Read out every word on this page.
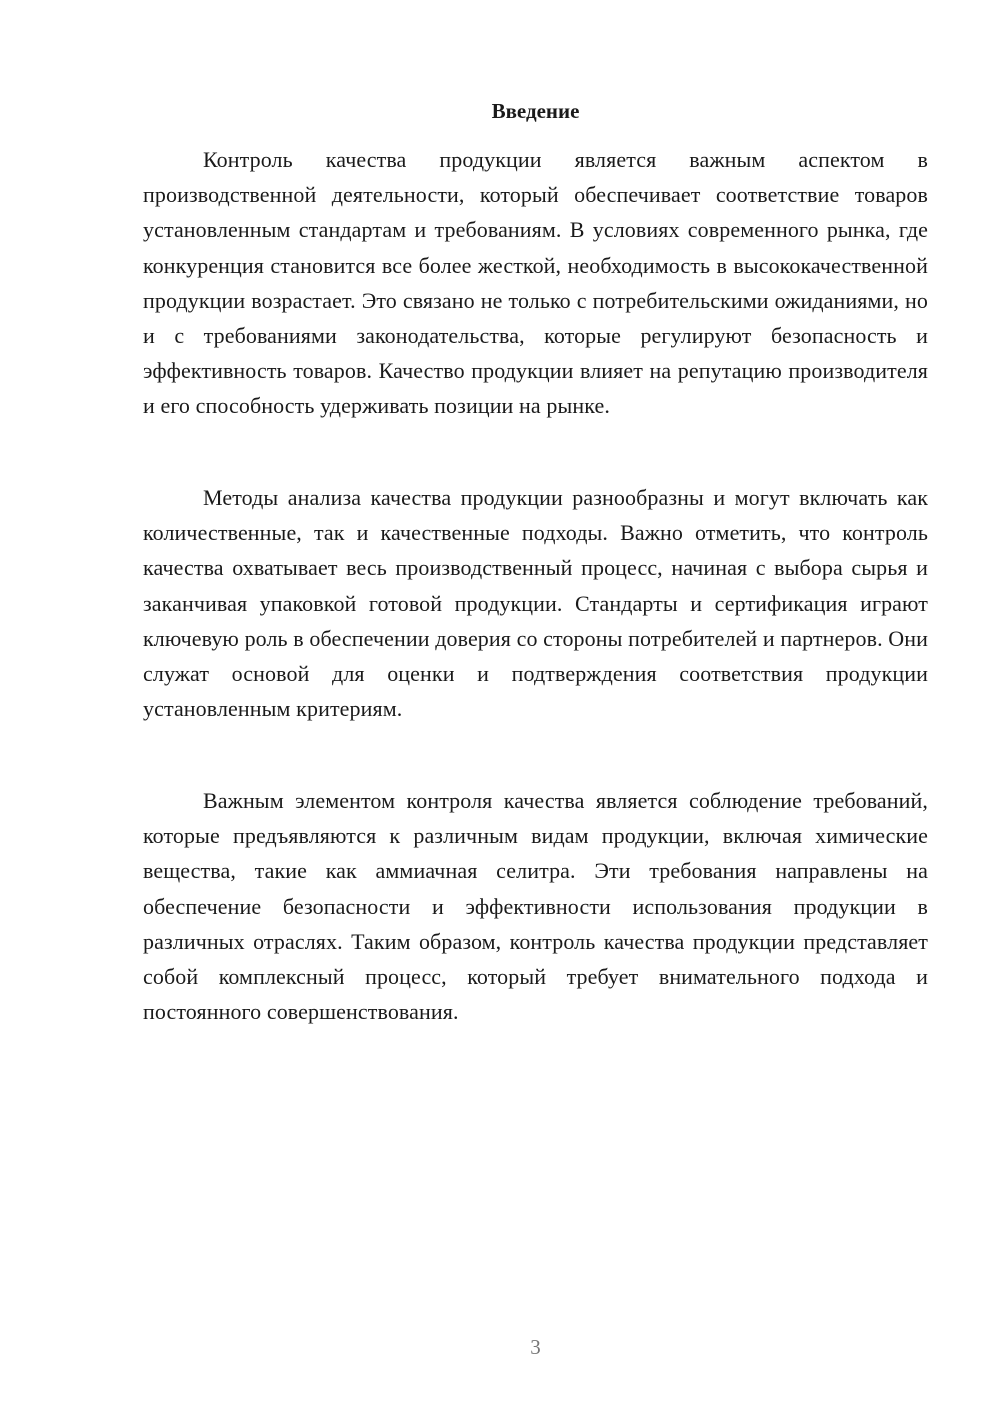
Введение

Контроль качества продукции является важным аспектом в производственной деятельности, который обеспечивает соответствие товаров установленным стандартам и требованиям. В условиях современного рынка, где конкуренция становится все более жесткой, необходимость в высококачественной продукции возрастает. Это связано не только с потребительскими ожиданиями, но и с требованиями законодательства, которые регулируют безопасность и эффективность товаров. Качество продукции влияет на репутацию производителя и его способность удерживать позиции на рынке.

Методы анализа качества продукции разнообразны и могут включать как количественные, так и качественные подходы. Важно отметить, что контроль качества охватывает весь производственный процесс, начиная с выбора сырья и заканчивая упаковкой готовой продукции. Стандарты и сертификация играют ключевую роль в обеспечении доверия со стороны потребителей и партнеров. Они служат основой для оценки и подтверждения соответствия продукции установленным критериям.

Важным элементом контроля качества является соблюдение требований, которые предъявляются к различным видам продукции, включая химические вещества, такие как аммиачная селитра. Эти требования направлены на обеспечение безопасности и эффективности использования продукции в различных отраслях. Таким образом, контроль качества продукции представляет собой комплексный процесс, который требует внимательного подхода и постоянного совершенствования.

3
